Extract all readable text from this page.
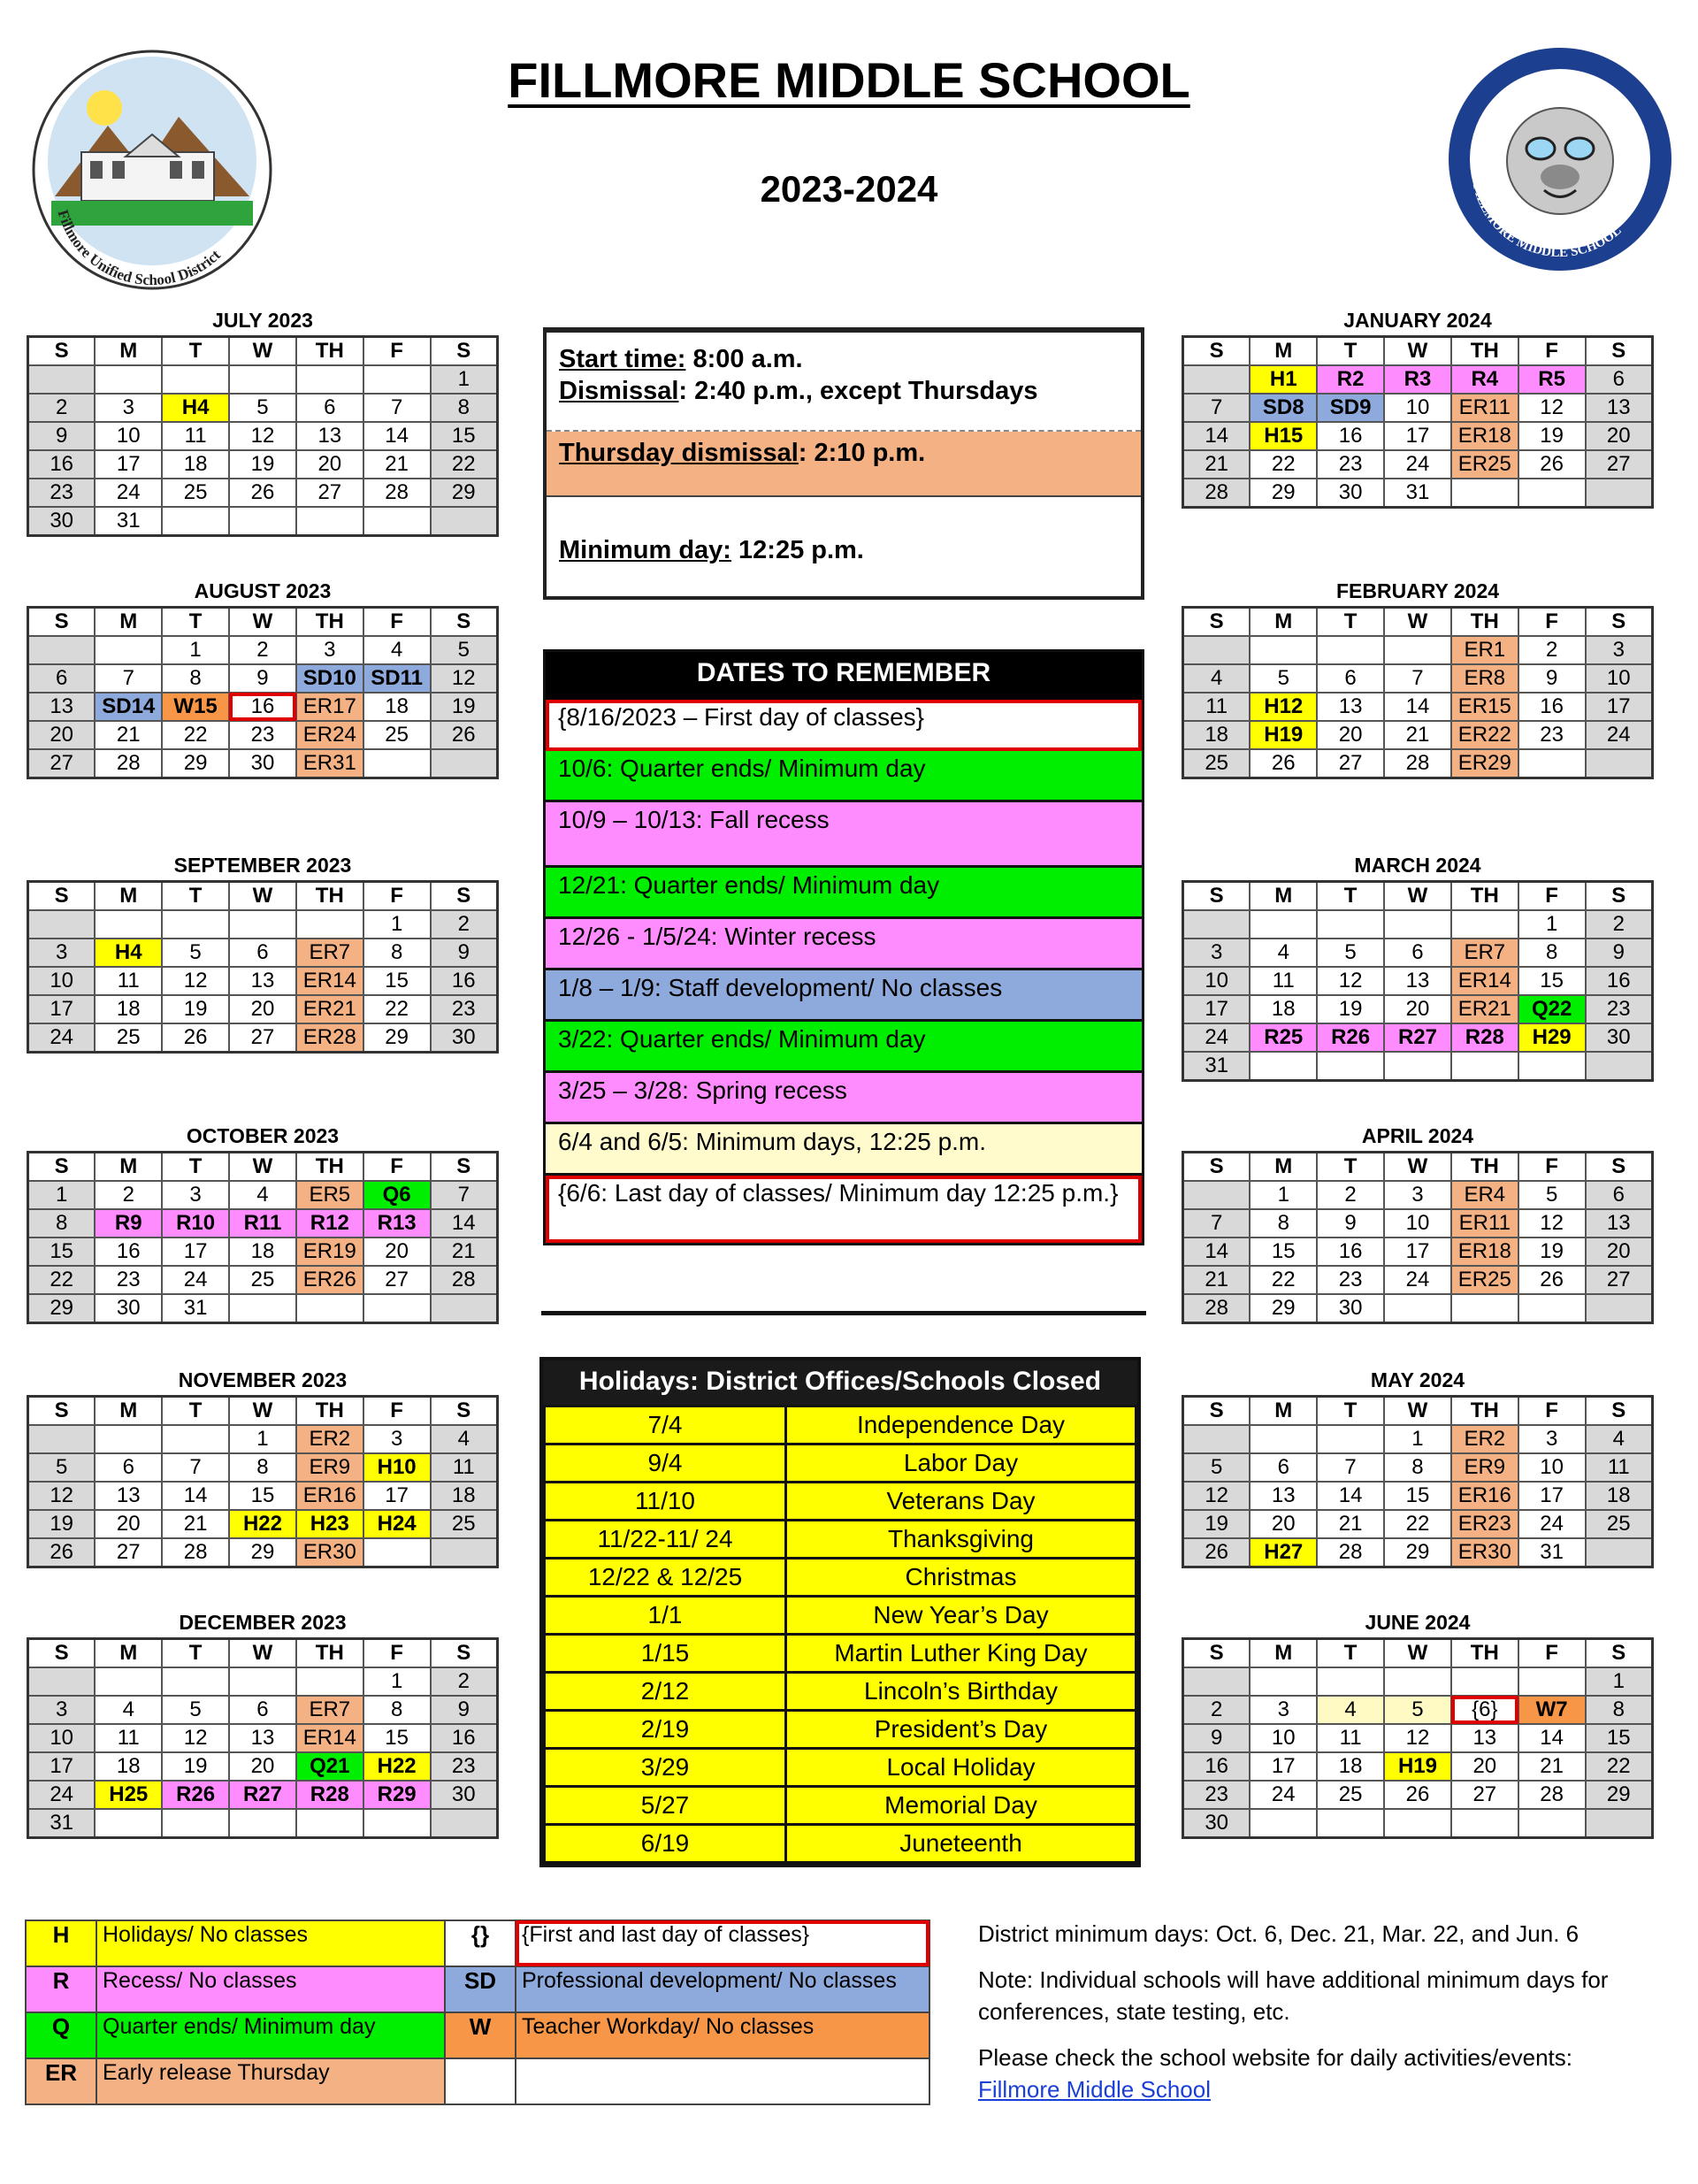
FILLMORE MIDDLE SCHOOL
2023-2024
Fillmore Unified School District
BULLDOGS
FILLMORE MIDDLE SCHOOL
JULY 2023
S	M	T	W	TH	F	S
						1
2	3	H4	5	6	7	8
9	10	11	12	13	14	15
16	17	18	19	20	21	22
23	24	25	26	27	28	29
30	31					
AUGUST 2023
S	M	T	W	TH	F	S
		1	2	3	4	5
6	7	8	9	SD10	SD11	12
13	SD14	W15	16	ER17	18	19
20	21	22	23	ER24	25	26
27	28	29	30	ER31		
SEPTEMBER 2023
S	M	T	W	TH	F	S
					1	2
3	H4	5	6	ER7	8	9
10	11	12	13	ER14	15	16
17	18	19	20	ER21	22	23
24	25	26	27	ER28	29	30
OCTOBER 2023
S	M	T	W	TH	F	S
1	2	3	4	ER5	Q6	7
8	R9	R10	R11	R12	R13	14
15	16	17	18	ER19	20	21
22	23	24	25	ER26	27	28
29	30	31				
NOVEMBER 2023
S	M	T	W	TH	F	S
			1	ER2	3	4
5	6	7	8	ER9	H10	11
12	13	14	15	ER16	17	18
19	20	21	H22	H23	H24	25
26	27	28	29	ER30		
DECEMBER 2023
S	M	T	W	TH	F	S
					1	2
3	4	5	6	ER7	8	9
10	11	12	13	ER14	15	16
17	18	19	20	Q21	H22	23
24	H25	R26	R27	R28	R29	30
31						
JANUARY 2024
S	M	T	W	TH	F	S
	H1	R2	R3	R4	R5	6
7	SD8	SD9	10	ER11	12	13
14	H15	16	17	ER18	19	20
21	22	23	24	ER25	26	27
28	29	30	31			
FEBRUARY 2024
S	M	T	W	TH	F	S
				ER1	2	3
4	5	6	7	ER8	9	10
11	H12	13	14	ER15	16	17
18	H19	20	21	ER22	23	24
25	26	27	28	ER29		
MARCH 2024
S	M	T	W	TH	F	S
					1	2
3	4	5	6	ER7	8	9
10	11	12	13	ER14	15	16
17	18	19	20	ER21	Q22	23
24	R25	R26	R27	R28	H29	30
31						
APRIL 2024
S	M	T	W	TH	F	S
	1	2	3	ER4	5	6
7	8	9	10	ER11	12	13
14	15	16	17	ER18	19	20
21	22	23	24	ER25	26	27
28	29	30				
MAY 2024
S	M	T	W	TH	F	S
			1	ER2	3	4
5	6	7	8	ER9	10	11
12	13	14	15	ER16	17	18
19	20	21	22	ER23	24	25
26	H27	28	29	ER30	31	
JUNE 2024
S	M	T	W	TH	F	S
						1
2	3	4	5	{6}	W7	8
9	10	11	12	13	14	15
16	17	18	H19	20	21	22
23	24	25	26	27	28	29
30						
Start time: 8:00 a.m.
Dismissal: 2:40 p.m., except Thursdays
Thursday dismissal: 2:10 p.m.
Minimum day: 12:25 p.m.
DATES TO REMEMBER
{8/16/2023 – First day of classes}
10/6: Quarter ends/ Minimum day
10/9 – 10/13: Fall recess
12/21: Quarter ends/ Minimum day
12/26 - 1/5/24: Winter recess
1/8 – 1/9: Staff development/ No classes
3/22: Quarter ends/ Minimum day
3/25 – 3/28: Spring recess
6/4 and 6/5: Minimum days, 12:25 p.m.
{6/6: Last day of classes/ Minimum day 12:25 p.m.}
Holidays: District Offices/Schools Closed
7/4	Independence Day
9/4	Labor Day
11/10	Veterans Day
11/22-11/ 24	Thanksgiving
12/22 & 12/25	Christmas
1/1	New Year’s Day
1/15	Martin Luther King Day
2/12	Lincoln’s Birthday
2/19	President’s Day
3/29	Local Holiday
5/27	Memorial Day
6/19	Juneteenth
H	Holidays/ No classes	{}	{First and last day of classes}
R	Recess/ No classes	SD	Professional development/ No classes
Q	Quarter ends/ Minimum day	W	Teacher Workday/ No classes
ER	Early release Thursday		

District minimum days: Oct. 6, Dec. 21, Mar. 22, and Jun. 6

Note: Individual schools will have additional minimum days for conferences, state testing, etc.

Please check the school website for daily activities/events:
Fillmore Middle School
